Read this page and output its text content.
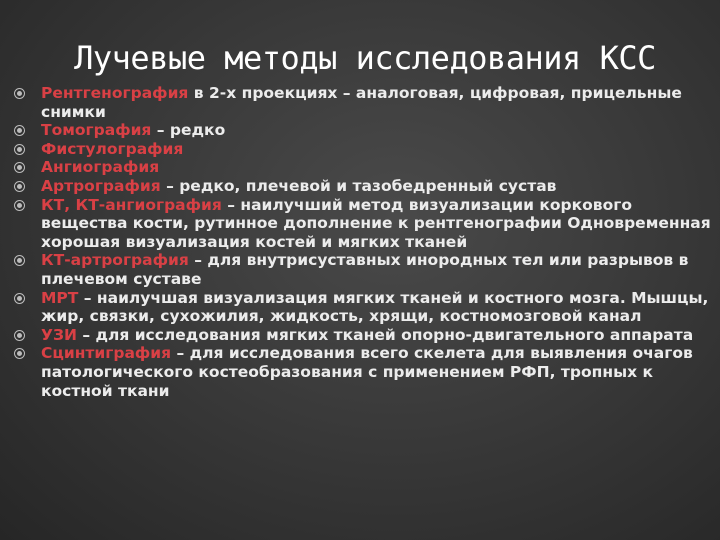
Лучевые методы исследования КСС
Рентгенография в 2-х проекциях – аналоговая, цифровая, прицельные снимки
Томография – редко
Фистулография
Ангиография
Артрография – редко, плечевой и тазобедренный сустав
КТ, КТ-ангиография – наилучший метод визуализации коркового вещества кости, рутинное дополнение к рентгенографии Одновременная хорошая визуализация костей и мягких тканей
КТ-артрография – для внутрисуставных инородных тел или разрывов в плечевом суставе
МРТ – наилучшая визуализация мягких тканей и костного мозга. Мышцы, жир, связки, сухожилия, жидкость, хрящи, костномозговой канал
УЗИ – для исследования мягких тканей опорно-двигательного аппарата
Сцинтиграфия – для исследования всего скелета для выявления очагов патологического костеобразования с применением РФП, тропных к костной ткани
